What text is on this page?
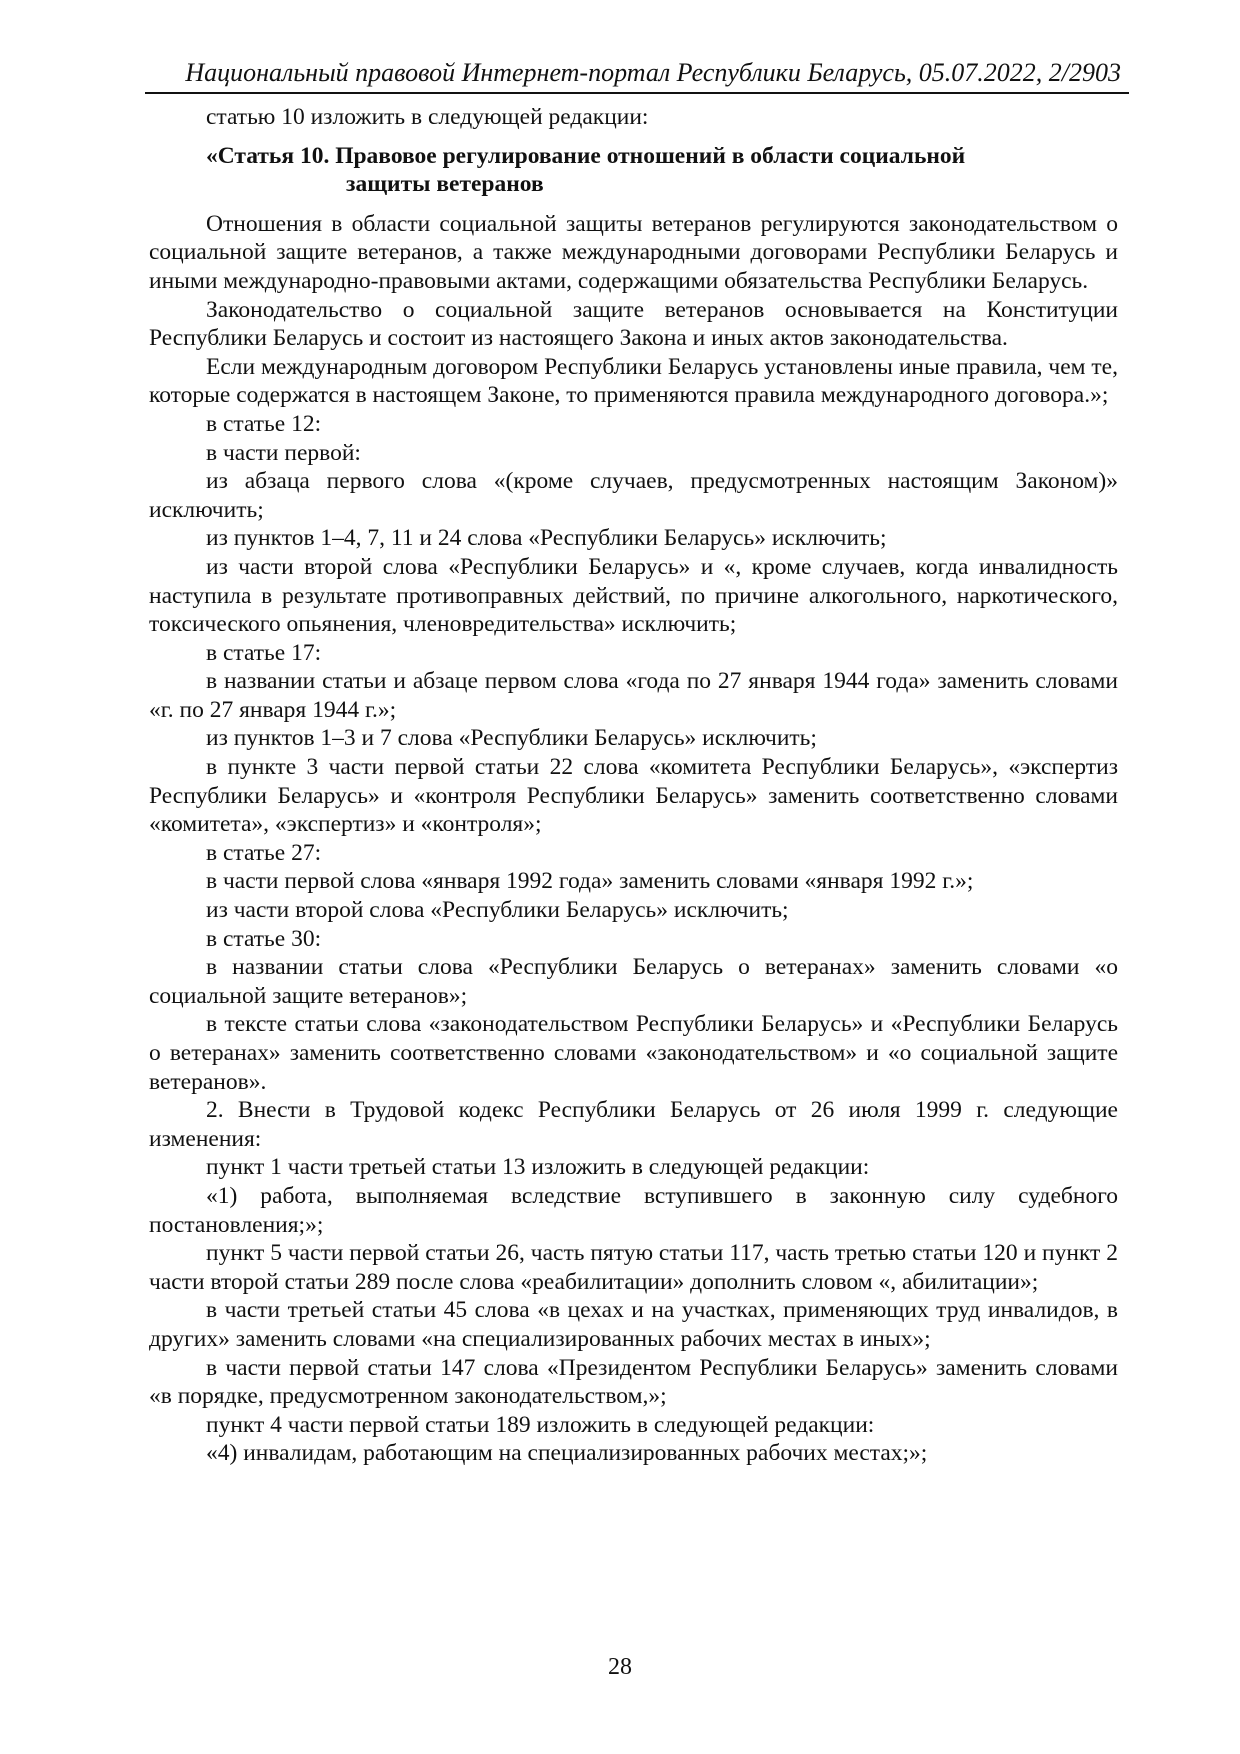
Национальный правовой Интернет-портал Республики Беларусь, 05.07.2022, 2/2903

статью 10 изложить в следующей редакции:

«Статья 10. Правовое регулирование отношений в области социальной
защиты ветеранов

Отношения в области социальной защиты ветеранов регулируются законодательством о социальной защите ветеранов, а также международными договорами Республики Беларусь и иными международно-правовыми актами, содержащими обязательства Республики Беларусь.

Законодательство о социальной защите ветеранов основывается на Конституции Республики Беларусь и состоит из настоящего Закона и иных актов законодательства.

Если международным договором Республики Беларусь установлены иные правила, чем те, которые содержатся в настоящем Законе, то применяются правила международного договора.»;

в статье 12:

в части первой:

из абзаца первого слова «(кроме случаев, предусмотренных настоящим Законом)» исключить;

из пунктов 1–4, 7, 11 и 24 слова «Республики Беларусь» исключить;

из части второй слова «Республики Беларусь» и «, кроме случаев, когда инвалидность наступила в результате противоправных действий, по причине алкогольного, наркотического, токсического опьянения, членовредительства» исключить;

в статье 17:

в названии статьи и абзаце первом слова «года по 27 января 1944 года» заменить словами «г. по 27 января 1944 г.»;

из пунктов 1–3 и 7 слова «Республики Беларусь» исключить;

в пункте 3 части первой статьи 22 слова «комитета Республики Беларусь», «экспертиз Республики Беларусь» и «контроля Республики Беларусь» заменить соответственно словами «комитета», «экспертиз» и «контроля»;

в статье 27:

в части первой слова «января 1992 года» заменить словами «января 1992 г.»;

из части второй слова «Республики Беларусь» исключить;

в статье 30:

в названии статьи слова «Республики Беларусь о ветеранах» заменить словами «о социальной защите ветеранов»;

в тексте статьи слова «законодательством Республики Беларусь» и «Республики Беларусь о ветеранах» заменить соответственно словами «законодательством» и «о социальной защите ветеранов».

2. Внести в Трудовой кодекс Республики Беларусь от 26 июля 1999 г. следующие изменения:

пункт 1 части третьей статьи 13 изложить в следующей редакции:

«1) работа, выполняемая вследствие вступившего в законную силу судебного постановления;»;

пункт 5 части первой статьи 26, часть пятую статьи 117, часть третью статьи 120 и пункт 2 части второй статьи 289 после слова «реабилитации» дополнить словом «, абилитации»;

в части третьей статьи 45 слова «в цехах и на участках, применяющих труд инвалидов, в других» заменить словами «на специализированных рабочих местах в иных»;

в части первой статьи 147 слова «Президентом Республики Беларусь» заменить словами «в порядке, предусмотренном законодательством,»;

пункт 4 части первой статьи 189 изложить в следующей редакции:

«4) инвалидам, работающим на специализированных рабочих местах;»;

28
